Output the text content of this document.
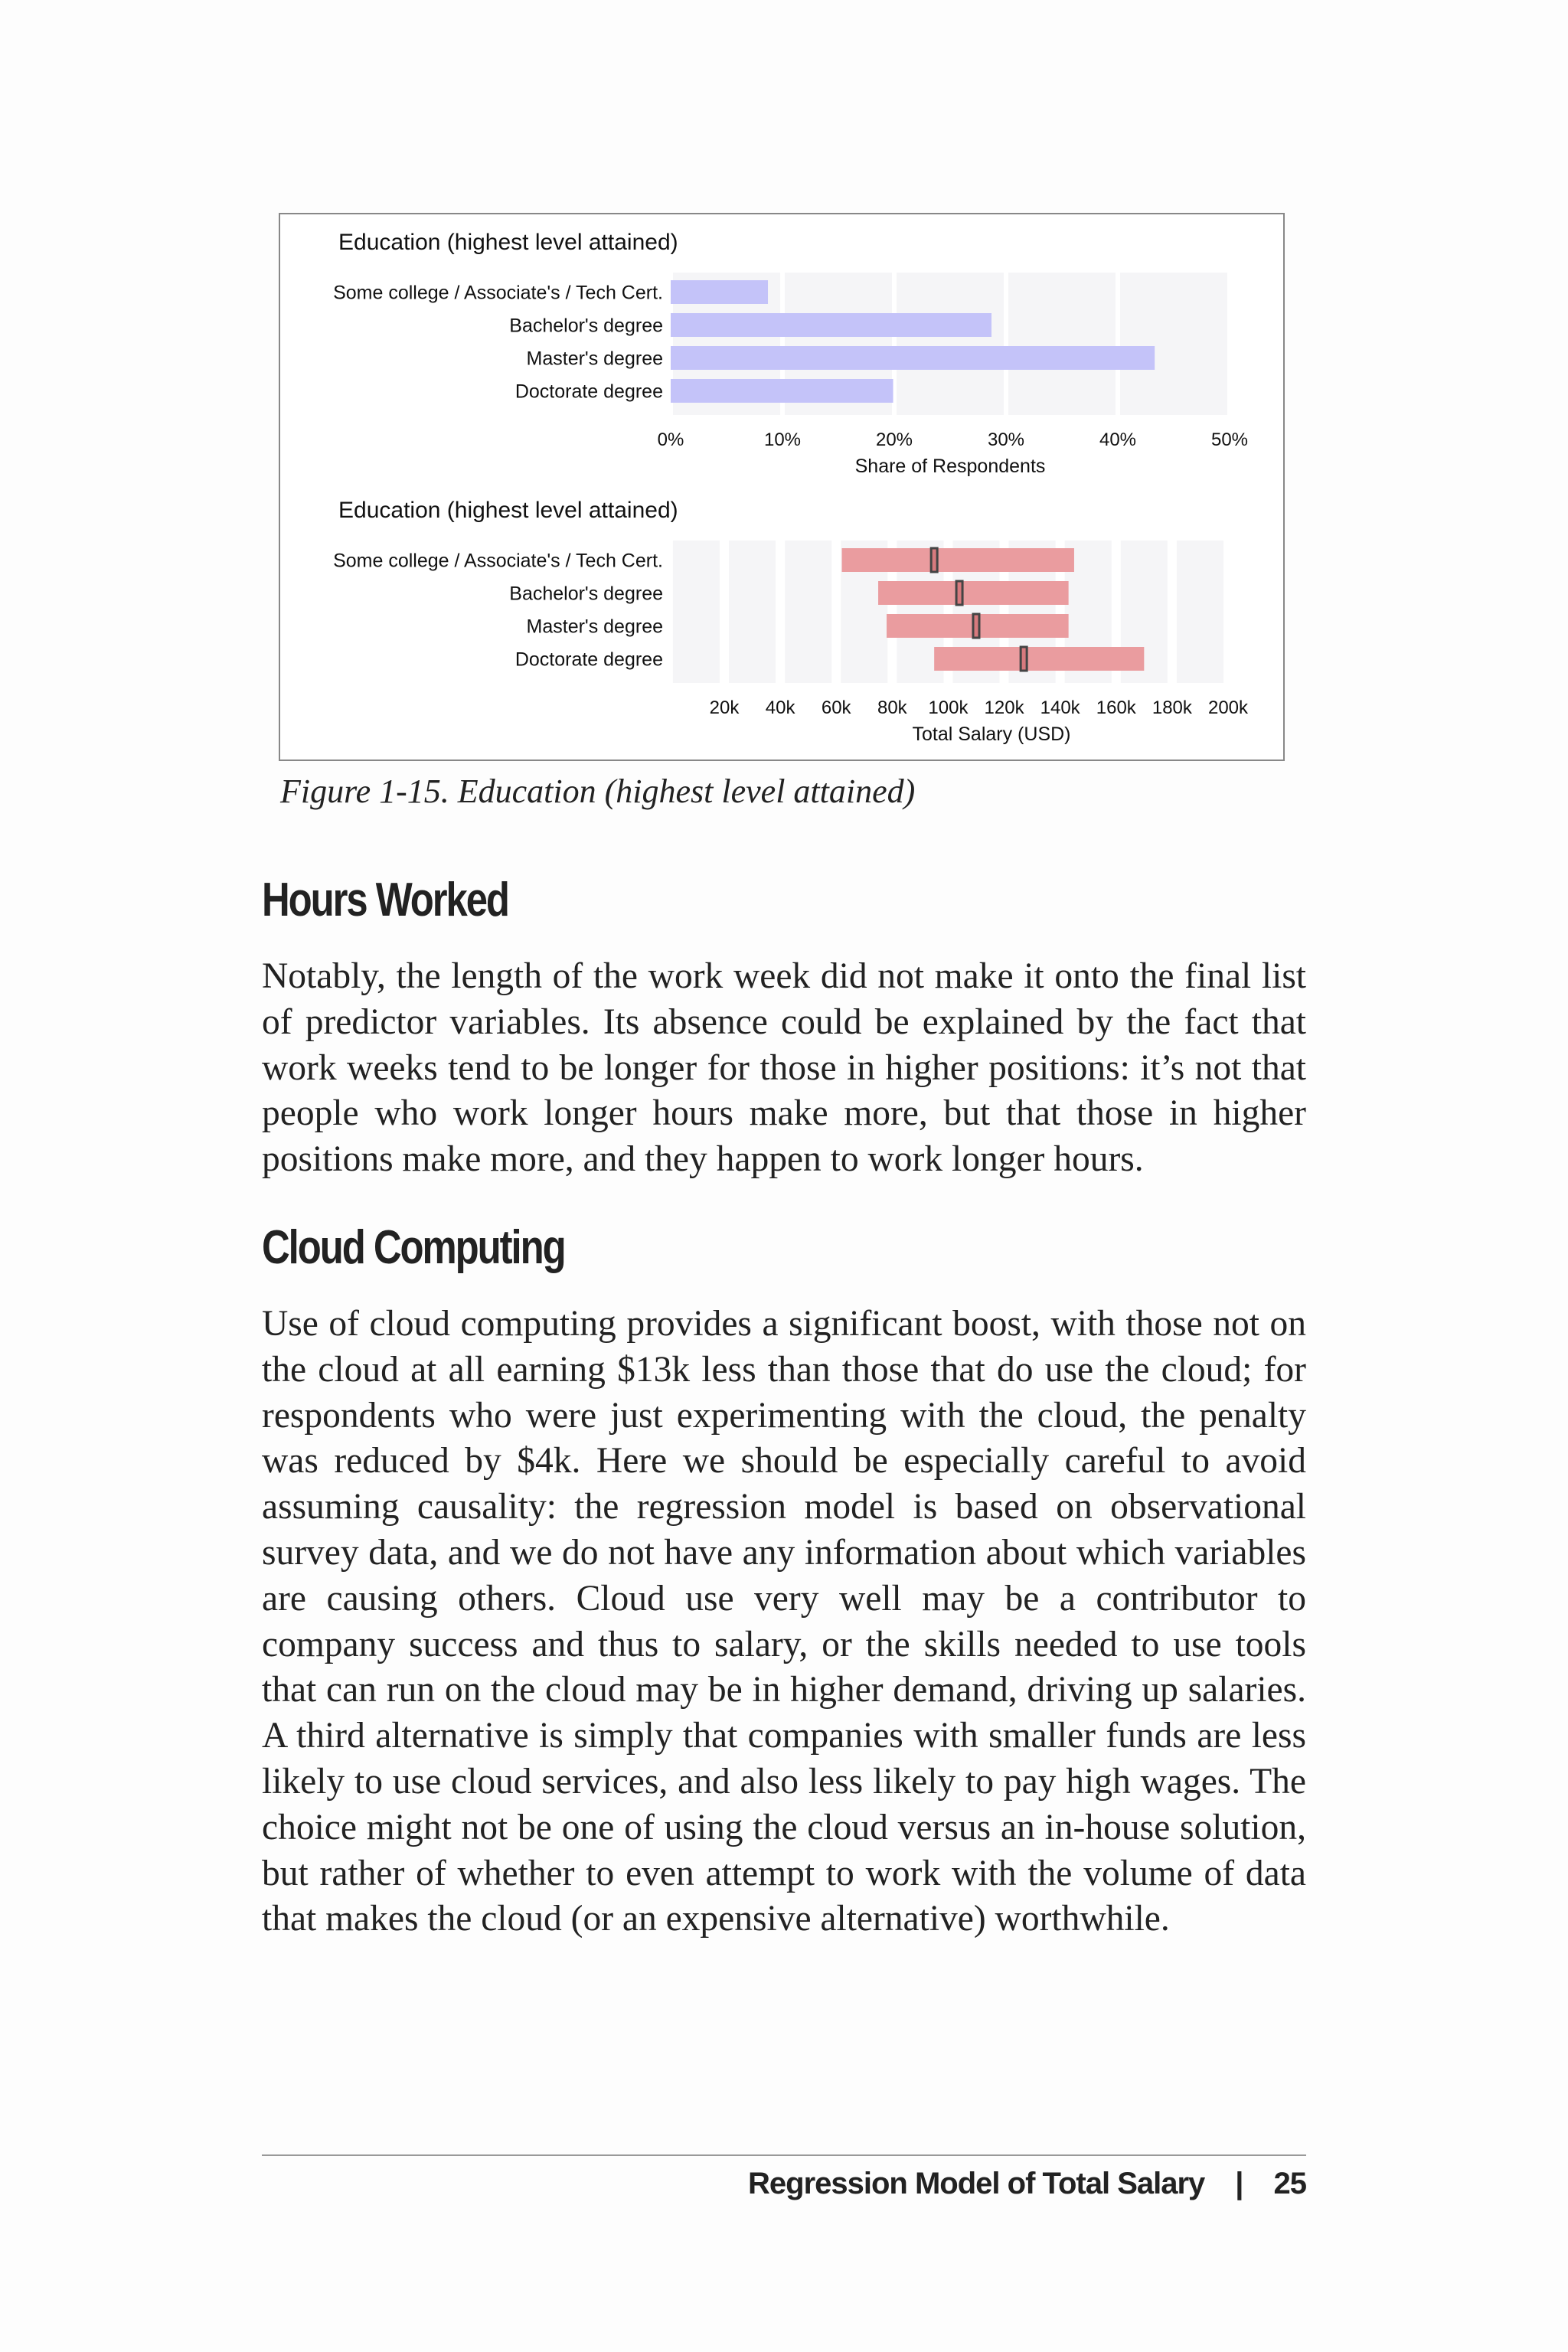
Education (highest level attained)
Some college / Associate's / Tech Cert.
Bachelor's degree
Master's degree
Doctorate degree
0%	10%	20%	30%	40%	50%
Share of Respondents
Education (highest level attained)
Some college / Associate's / Tech Cert.
Bachelor's degree
Master's degree
Doctorate degree
20k 40k 60k 80k 100k 120k 140k 160k 180k 200k
Total Salary (USD)
Figure 1-15. Education (highest level attained)
Hours Worked

Notably, the length of the work week did not make it onto the final list of predictor variables. Its absence could be explained by the fact that work weeks tend to be longer for those in higher positions: it’s not that people who work longer hours make more, but that those in higher positions make more, and they happen to work longer hours.

Cloud Computing

Use of cloud computing provides a significant boost, with those not on the cloud at all earning $13k less than those that do use the cloud; for respondents who were just experimenting with the cloud, the penalty was reduced by $4k. Here we should be especially careful to avoid assuming causality: the regression model is based on observational survey data, and we do not have any information about which variables are causing others. Cloud use very well may be a contributor to company success and thus to salary, or the skills needed to use tools that can run on the cloud may be in higher demand, driving up salaries. A third alternative is simply that companies with smaller funds are less likely to use cloud services, and also less likely to pay high wages. The choice might not be one of using the cloud versus an in-house solution, but rather of whether to even attempt to work with the volume of data that makes the cloud (or an expensive alternative) worthwhile.

Regression Model of Total Salary | 25
